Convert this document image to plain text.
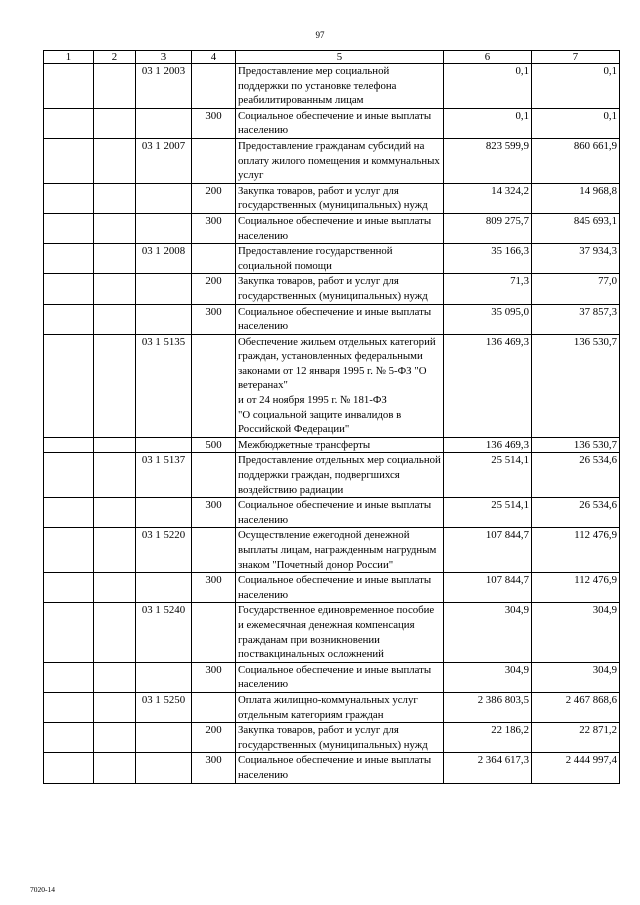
97
1	2	3	4	5	6	7
		03 1 2003		Предоставление мер социальной поддержки по установке телефона реабилитированным лицам	0,1	0,1
			300	Социальное обеспечение и иные выплаты населению	0,1	0,1
		03 1 2007		Предоставление гражданам субсидий на оплату жилого помещения и коммунальных услуг	823 599,9	860 661,9
			200	Закупка товаров, работ и услуг для государственных (муниципальных) нужд	14 324,2	14 968,8
			300	Социальное обеспечение и иные выплаты населению	809 275,7	845 693,1
		03 1 2008		Предоставление государственной социальной помощи	35 166,3	37 934,3
			200	Закупка товаров, работ и услуг для государственных (муниципальных) нужд	71,3	77,0
			300	Социальное обеспечение и иные выплаты населению	35 095,0	37 857,3
		03 1 5135		Обеспечение жильем отдельных категорий граждан, установленных федеральными законами от 12 января 1995 г. № 5-ФЗ "О ветеранах"
и от 24 ноября 1995 г. № 181-ФЗ
"О социальной защите инвалидов в Российской Федерации"	136 469,3	136 530,7
			500	Межбюджетные трансферты	136 469,3	136 530,7
		03 1 5137		Предоставление отдельных мер социальной поддержки граждан, подвергшихся воздействию радиации	25 514,1	26 534,6
			300	Социальное обеспечение и иные выплаты населению	25 514,1	26 534,6
		03 1 5220		Осуществление ежегодной денежной выплаты лицам, награжденным нагрудным знаком "Почетный донор России"	107 844,7	112 476,9
			300	Социальное обеспечение и иные выплаты населению	107 844,7	112 476,9
		03 1 5240		Государственное единовременное пособие и ежемесячная денежная компенсация гражданам при возникновении поствакцинальных осложнений	304,9	304,9
			300	Социальное обеспечение и иные выплаты населению	304,9	304,9
		03 1 5250		Оплата жилищно-коммунальных услуг отдельным категориям граждан	2 386 803,5	2 467 868,6
			200	Закупка товаров, работ и услуг для государственных (муниципальных) нужд	22 186,2	22 871,2
			300	Социальное обеспечение и иные выплаты населению	2 364 617,3	2 444 997,4
7020-14
